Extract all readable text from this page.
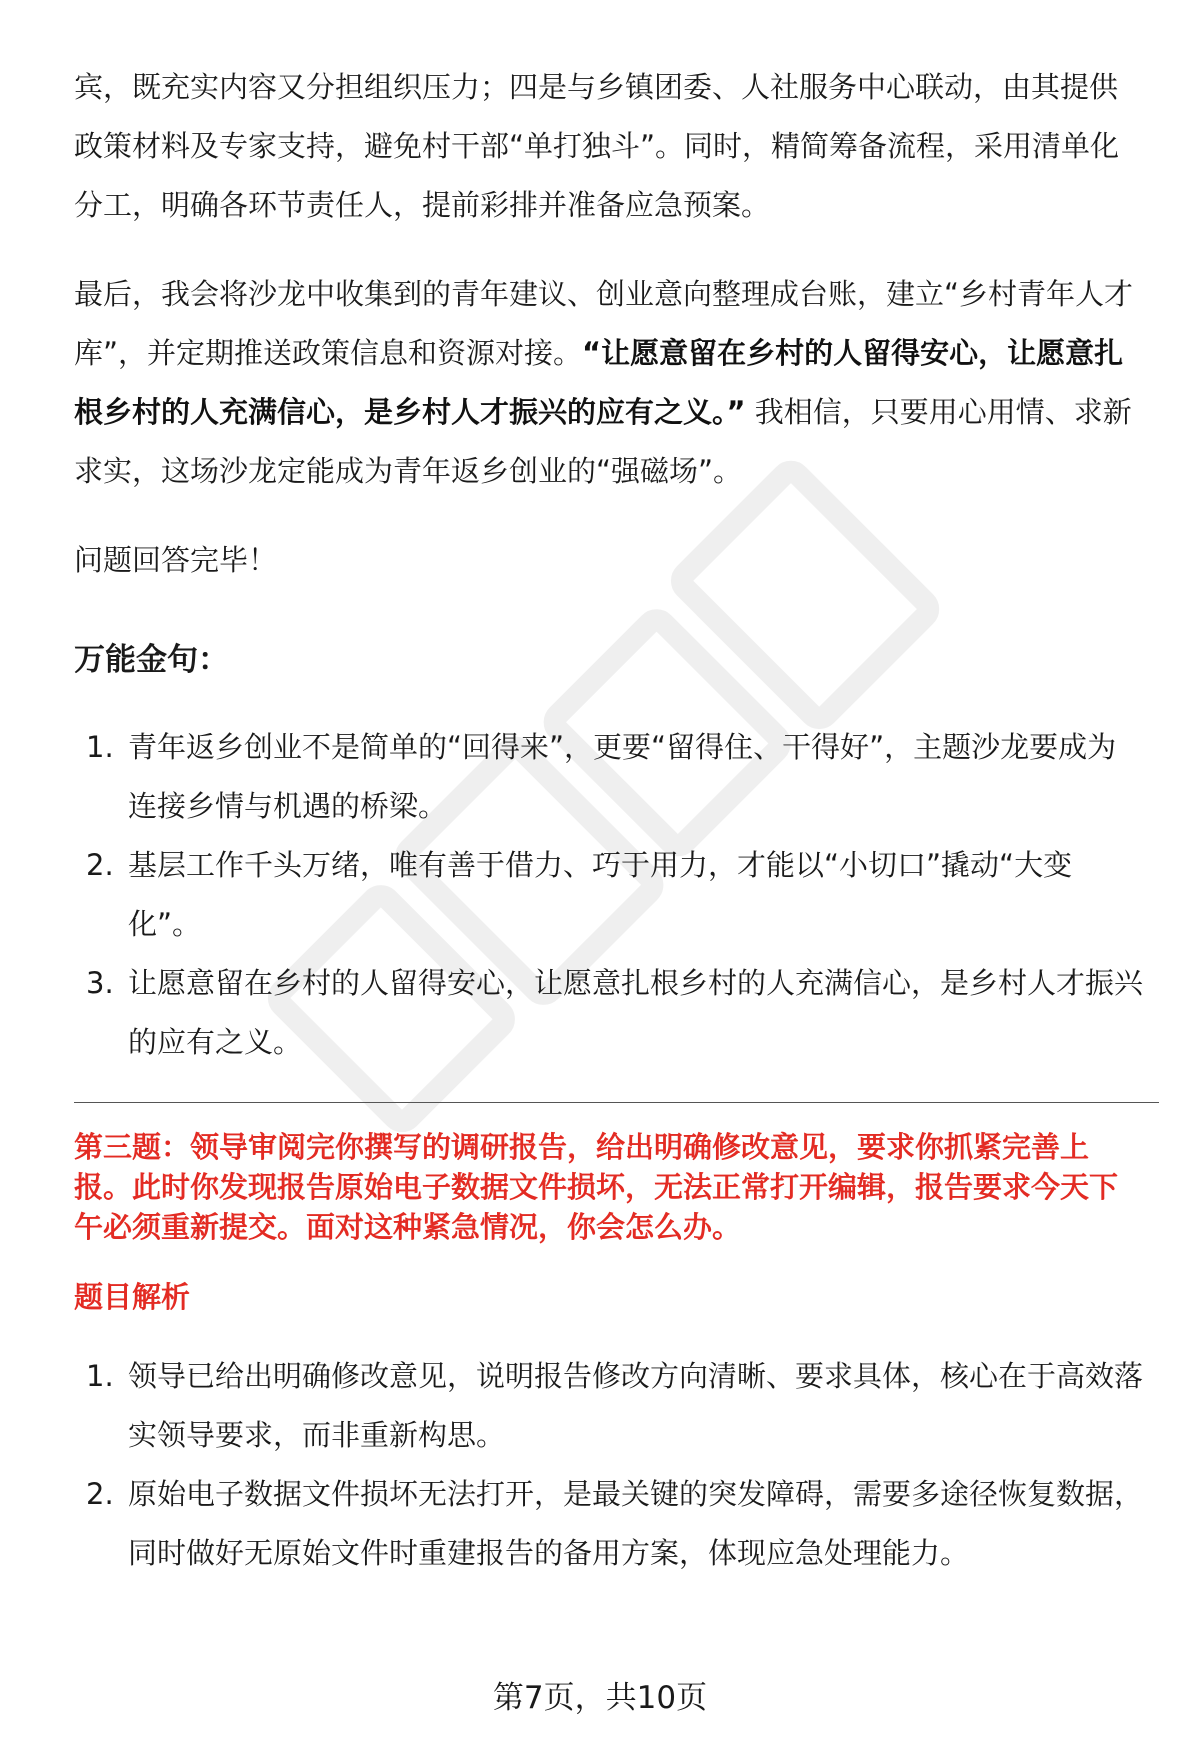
宾，既充实内容又分担组织压力；四是与乡镇团委、人社服务中心联动，由其提供政策材料及专家支持，避免村干部“单打独斗”。同时，精简筹备流程，采用清单化分工，明确各环节责任人，提前彩排并准备应急预案。

最后，我会将沙龙中收集到的青年建议、创业意向整理成台账，建立“乡村青年人才库”，并定期推送政策信息和资源对接。“让愿意留在乡村的人留得安心，让愿意扎根乡村的人充满信心，是乡村人才振兴的应有之义。” 我相信，只要用心用情、求新求实，这场沙龙定能成为青年返乡创业的“强磁场”。

问题回答完毕！

万能金句：
1. 青年返乡创业不是简单的“回得来”，更要“留得住、干得好”，主题沙龙要成为连接乡情与机遇的桥梁。
2. 基层工作千头万绪，唯有善于借力、巧于用力，才能以“小切口”撬动“大变化”。
3. 让愿意留在乡村的人留得安心，让愿意扎根乡村的人充满信心，是乡村人才振兴的应有之义。
第三题：领导审阅完你撰写的调研报告，给出明确修改意见，要求你抓紧完善上报。此时你发现报告原始电子数据文件损坏，无法正常打开编辑，报告要求今天下午必须重新提交。面对这种紧急情况，你会怎么办。
题目解析
1. 领导已给出明确修改意见，说明报告修改方向清晰、要求具体，核心在于高效落实领导要求，而非重新构思。
2. 原始电子数据文件损坏无法打开，是最关键的突发障碍，需要多途径恢复数据，同时做好无原始文件时重建报告的备用方案，体现应急处理能力。
第7页，共10页
